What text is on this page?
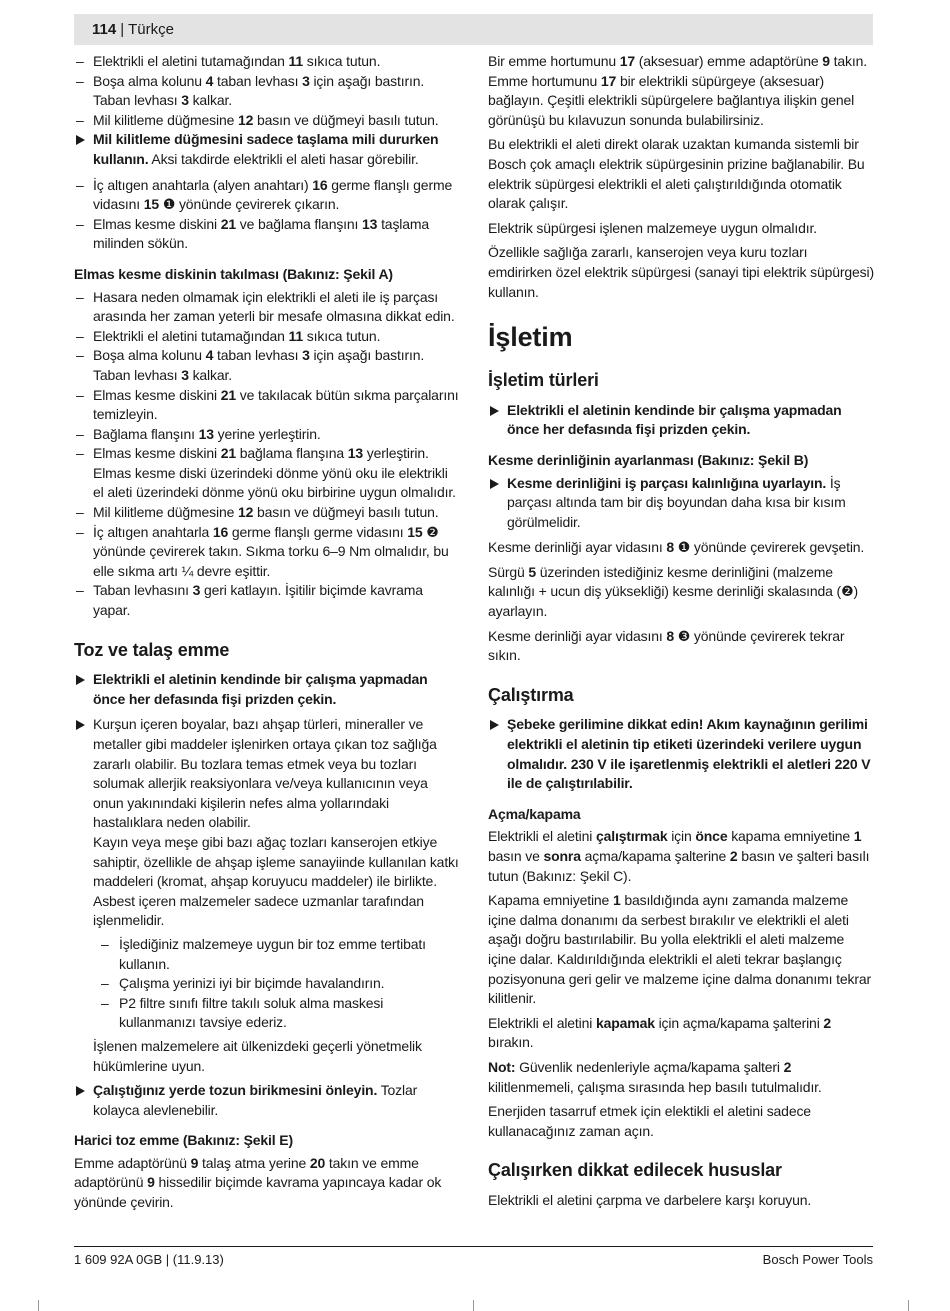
114 | Türkçe
– Elektrikli el aletini tutamağından 11 sıkıca tutun.
– Boşa alma kolunu 4 taban levhası 3 için aşağı bastırın. Taban levhası 3 kalkar.
– Mil kilitleme düğmesine 12 basın ve düğmeyi basılı tutun.
Mil kilitleme düğmesini sadece taşlama mili dururken kullanın. Aksi takdirde elektrikli el aleti hasar görebilir.
– İç altıgen anahtarla (alyen anahtarı) 16 germe flanşlı germe vidasını 15 ❶ yönünde çevirerek çıkarın.
– Elmas kesme diskini 21 ve bağlama flanşını 13 taşlama milinden sökün.
Elmas kesme diskinin takılması (Bakınız: Şekil A)
– Hasara neden olmamak için elektrikli el aleti ile iş parçası arasında her zaman yeterli bir mesafe olmasına dikkat edin.
– Elektrikli el aletini tutamağından 11 sıkıca tutun.
– Boşa alma kolunu 4 taban levhası 3 için aşağı bastırın. Taban levhası 3 kalkar.
– Elmas kesme diskini 21 ve takılacak bütün sıkma parçalarını temizleyin.
– Bağlama flanşını 13 yerine yerleştirin.
– Elmas kesme diskini 21 bağlama flanşına 13 yerleştirin. Elmas kesme diski üzerindeki dönme yönü oku ile elektrikli el aleti üzerindeki dönme yönü oku birbirine uygun olmalıdır.
– Mil kilitleme düğmesine 12 basın ve düğmeyi basılı tutun.
– İç altıgen anahtarla 16 germe flanşlı germe vidasını 15 ❷ yönünde çevirerek takın. Sıkma torku 6–9 Nm olmalıdır, bu elle sıkma artı ¼ devre eşittir.
– Taban levhasını 3 geri katlayın. İşitilir biçimde kavrama yapar.
Toz ve talaş emme
Elektrikli el aletinin kendinde bir çalışma yapmadan önce her defasında fişi prizden çekin.
Kurşun içeren boyalar, bazı ahşap türleri, mineraller ve metaller gibi maddeler işlenirken ortaya çıkan toz sağlığa zararlı olabilir. Bu tozlara temas etmek veya bu tozları solumak allerjik reaksiyonlara ve/veya kullanıcının veya onun yakınındaki kişilerin nefes alma yollarındaki hastalıklara neden olabilir.
Kayın veya meşe gibi bazı ağaç tozları kanserojen etkiye sahiptir, özellikle de ahşap işleme sanayiinde kullanılan katkı maddeleri (kromat, ahşap koruyucu maddeler) ile birlikte. Asbest içeren malzemeler sadece uzmanlar tarafından işlenmelidir.
– İşlediğiniz malzemeye uygun bir toz emme tertibatı kullanın.
– Çalışma yerinizi iyi bir biçimde havalandırın.
– P2 filtre sınıfı filtre takılı soluk alma maskesi kullanmanızı tavsiye ederiz.
İşlenen malzemelere ait ülkenizdeki geçerli yönetmelik hükümlerine uyun.
Çalıştığınız yerde tozun birikmesini önleyin. Tozlar kolayca alevlenebilir.
Harici toz emme (Bakınız: Şekil E)
Emme adaptörünü 9 talaş atma yerine 20 takın ve emme adaptörünü 9 hissedilir biçimde kavrama yapıncaya kadar ok yönünde çevirin.
Bir emme hortumunu 17 (aksesuar) emme adaptörüne 9 takın. Emme hortumunu 17 bir elektrikli süpürgeye (aksesuar) bağlayın. Çeşitli elektrikli süpürgelere bağlantıya ilişkin genel görünüşü bu kılavuzun sonunda bulabilirsiniz.
Bu elektrikli el aleti direkt olarak uzaktan kumanda sistemli bir Bosch çok amaçlı elektrik süpürgesinin prizine bağlanabilir. Bu elektrik süpürgesi elektrikli el aleti çalıştırıldığında otomatik olarak çalışır.
Elektrik süpürgesi işlenen malzemeye uygun olmalıdır.
Özellikle sağlığa zararlı, kanserojen veya kuru tozları emdirirken özel elektrik süpürgesi (sanayi tipi elektrik süpürgesi) kullanın.
İşletim
İşletim türleri
Elektrikli el aletinin kendinde bir çalışma yapmadan önce her defasında fişi prizden çekin.
Kesme derinliğinin ayarlanması (Bakınız: Şekil B)
Kesme derinliğini iş parçası kalınlığına uyarlayın. İş parçası altında tam bir diş boyundan daha kısa bir kısım görülmelidir.
Kesme derinliği ayar vidasını 8 ❶ yönünde çevirerek gevşetin.
Sürgü 5 üzerinden istediğiniz kesme derinliğini (malzeme kalınlığı + ucun diş yüksekliği) kesme derinliği skalasında (❷) ayarlayın.
Kesme derinliği ayar vidasını 8 ❸ yönünde çevirerek tekrar sıkın.
Çalıştırma
Şebeke gerilimine dikkat edin! Akım kaynağının gerilimi elektrikli el aletinin tip etiketi üzerindeki verilere uygun olmalıdır. 230 V ile işaretlenmiş elektrikli el aletleri 220 V ile de çalıştırılabilir.
Açma/kapama
Elektrikli el aletini çalıştırmak için önce kapama emniyetine 1 basın ve sonra açma/kapama şalterine 2 basın ve şalteri basılı tutun (Bakınız: Şekil C).
Kapama emniyetine 1 basıldığında aynı zamanda malzeme içine dalma donanımı da serbest bırakılır ve elektrikli el aleti aşağı doğru bastırılabilir. Bu yolla elektrikli el aleti malzeme içine dalar. Kaldırıldığında elektrikli el aleti tekrar başlangıç pozisyonuna geri gelir ve malzeme içine dalma donanımı tekrar kilitlenir.
Elektrikli el aletini kapamak için açma/kapama şalterini 2 bırakın.
Not: Güvenlik nedenleriyle açma/kapama şalteri 2 kilitlenmemeli, çalışma sırasında hep basılı tutulmalıdır.
Enerjiden tasarruf etmek için elektikli el aletini sadece kullanacağınız zaman açın.
Çalışırken dikkat edilecek hususlar
Elektrikli el aletini çarpma ve darbelere karşı koruyun.
1 609 92A 0GB | (11.9.13)	Bosch Power Tools
